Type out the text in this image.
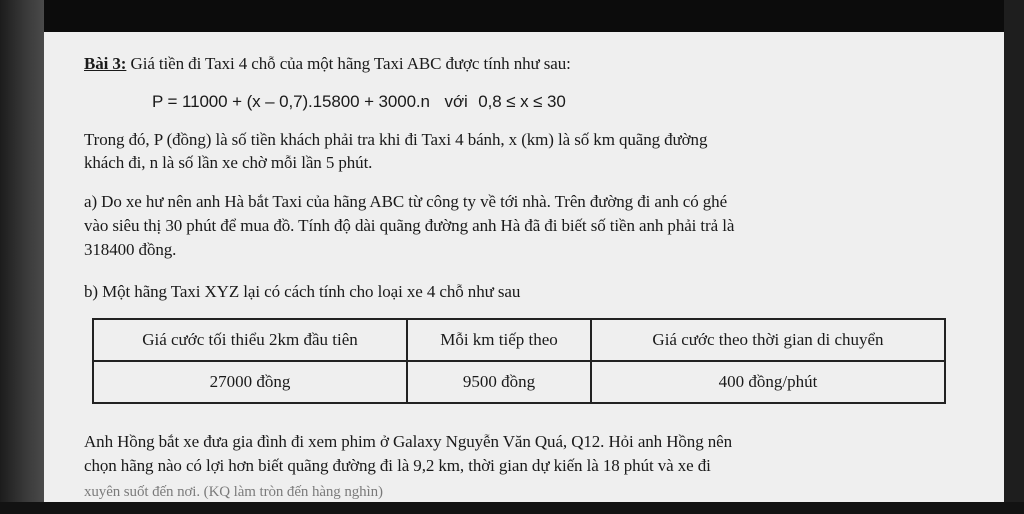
Bài 3: Giá tiền đi Taxi 4 chỗ của một hãng Taxi ABC được tính như sau:
P = 11000 + (x – 0,7).15800 + 3000.n với 0,8 ≤ x ≤ 30
Trong đó, P (đồng) là số tiền khách phải tra khi đi Taxi 4 bánh, x (km) là số km quãng đường
khách đi, n là số lần xe chờ mỗi lần 5 phút.
a) Do xe hư nên anh Hà bắt Taxi của hãng ABC từ công ty về tới nhà. Trên đường đi anh có ghé
vào siêu thị 30 phút để mua đồ. Tính độ dài quãng đường anh Hà đã đi biết số tiền anh phải trả là
318400 đồng.
b) Một hãng Taxi XYZ lại có cách tính cho loại xe 4 chỗ như sau
Giá cước tối thiểu 2km đầu tiên	Mỗi km tiếp theo	Giá cước theo thời gian di chuyển
27000 đồng	9500 đồng	400 đồng/phút
Anh Hồng bắt xe đưa gia đình đi xem phim ở Galaxy Nguyễn Văn Quá, Q12. Hỏi anh Hồng nên
chọn hãng nào có lợi hơn biết quãng đường đi là 9,2 km, thời gian dự kiến là 18 phút và xe đi
xuyên suốt đến nơi. (KQ làm tròn đến hàng nghìn)
